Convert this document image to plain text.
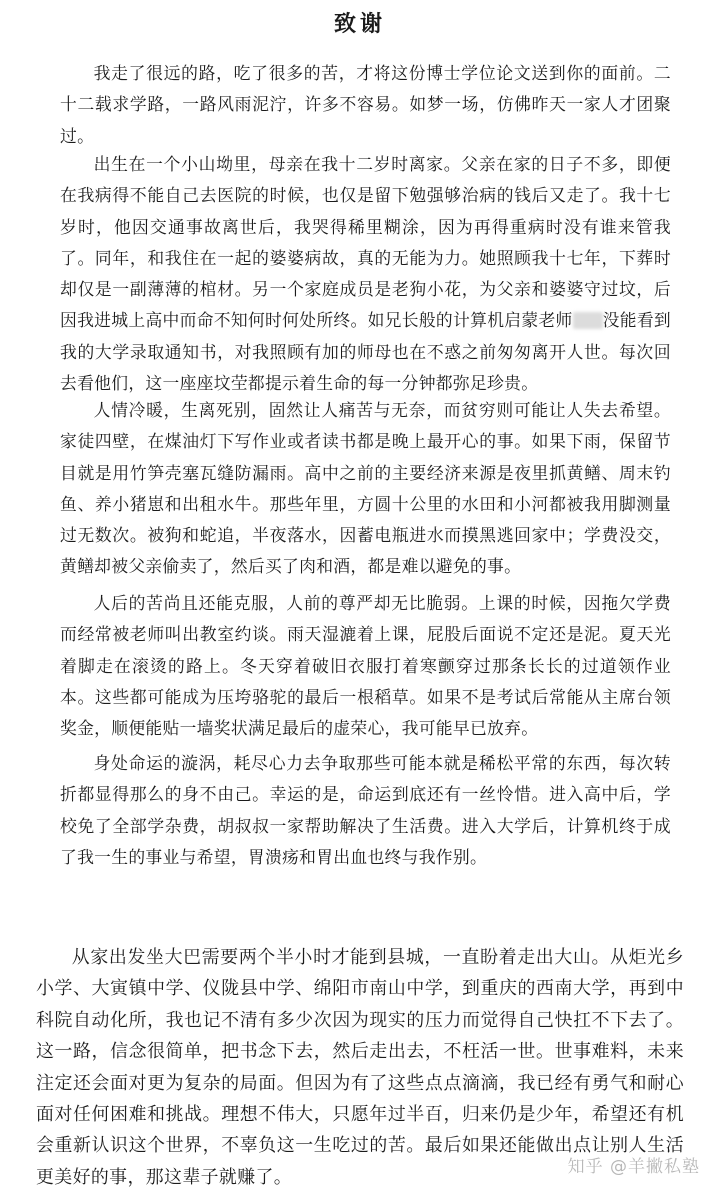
致谢

我走了很远的路，吃了很多的苦，才将这份博士学位论文送到你的面前。二十二载求学路，一路风雨泥泞，许多不容易。如梦一场，仿佛昨天一家人才团聚过。

出生在一个小山坳里，母亲在我十二岁时离家。父亲在家的日子不多，即便在我病得不能自己去医院的时候，也仅是留下勉强够治病的钱后又走了。我十七岁时，他因交通事故离世后，我哭得稀里糊涂，因为再得重病时没有谁来管我了。同年，和我住在一起的婆婆病故，真的无能为力。她照顾我十七年，下葬时却仅是一副薄薄的棺材。另一个家庭成员是老狗小花，为父亲和婆婆守过坟，后因我进城上高中而命不知何时何处所终。如兄长般的计算机启蒙老师 没能看到我的大学录取通知书，对我照顾有加的师母也在不惑之前匆匆离开人世。每次回去看他们，这一座座坟茔都提示着生命的每一分钟都弥足珍贵。

人情冷暖，生离死别，固然让人痛苦与无奈，而贫穷则可能让人失去希望。家徒四壁，在煤油灯下写作业或者读书都是晚上最开心的事。如果下雨，保留节目就是用竹笋壳塞瓦缝防漏雨。高中之前的主要经济来源是夜里抓黄鳝、周末钓鱼、养小猪崽和出租水牛。那些年里，方圆十公里的水田和小河都被我用脚测量过无数次。被狗和蛇追，半夜落水，因蓄电瓶进水而摸黑逃回家中；学费没交，黄鳝却被父亲偷卖了，然后买了肉和酒，都是难以避免的事。

人后的苦尚且还能克服，人前的尊严却无比脆弱。上课的时候，因拖欠学费而经常被老师叫出教室约谈。雨天湿漉着上课，屁股后面说不定还是泥。夏天光着脚走在滚烫的路上。冬天穿着破旧衣服打着寒颤穿过那条长长的过道领作业本。这些都可能成为压垮骆驼的最后一根稻草。如果不是考试后常能从主席台领奖金，顺便能贴一墙奖状满足最后的虚荣心，我可能早已放弃。

身处命运的漩涡，耗尽心力去争取那些可能本就是稀松平常的东西，每次转折都显得那么的身不由己。幸运的是，命运到底还有一丝怜惜。进入高中后，学校免了全部学杂费，胡叔叔一家帮助解决了生活费。进入大学后，计算机终于成了我一生的事业与希望，胃溃疡和胃出血也终与我作别。

从家出发坐大巴需要两个半小时才能到县城，一直盼着走出大山。从炬光乡小学、大寅镇中学、仪陇县中学、绵阳市南山中学，到重庆的西南大学，再到中科院自动化所，我也记不清有多少次因为现实的压力而觉得自己快扛不下去了。这一路，信念很简单，把书念下去，然后走出去，不枉活一世。世事难料，未来注定还会面对更为复杂的局面。但因为有了这些点点滴滴，我已经有勇气和耐心面对任何困难和挑战。理想不伟大，只愿年过半百，归来仍是少年，希望还有机会重新认识这个世界，不辜负这一生吃过的苦。最后如果还能做出点让别人生活更美好的事，那这辈子就赚了。	知乎 @羊撇私塾
